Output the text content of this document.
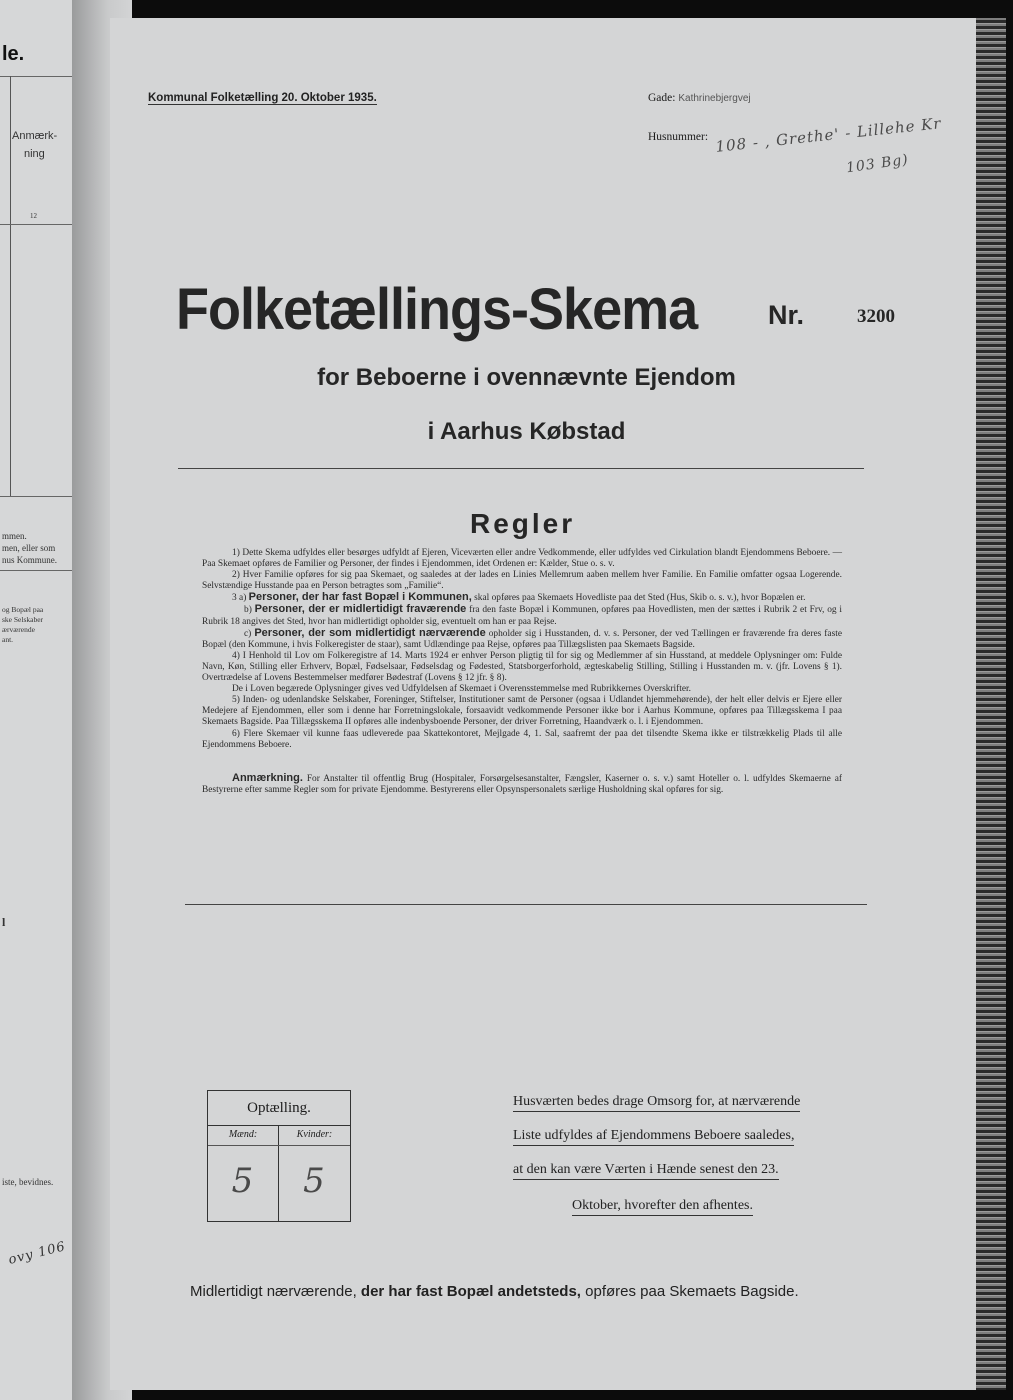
le.
Anmærk-
ning
12
mmen.
men, eller som
nus Kommune.
og Bopæl paa
ske Selskaber
ærværende
ant.
l
iste, bevidnes.
ovy 106
Kommunal Folketælling 20. Oktober 1935.	Gade: Kathrinebjergvej
Husnummer: 108 - , Grethe' - Lillehe Kr
103 Bg)
Folketællings-Skema	Nr.	3200
for Beboerne i ovennævnte Ejendom
i Aarhus Købstad
Regler

1) Dette Skema udfyldes eller besørges udfyldt af Ejeren, Viceværten eller andre Vedkommende, eller udfyldes ved Cirkulation blandt Ejendommens Beboere. — Paa Skemaet opføres de Familier og Personer, der findes i Ejendommen, idet Ordenen er: Kælder, Stue o. s. v.

2) Hver Familie opføres for sig paa Skemaet, og saaledes at der lades en Linies Mellemrum aaben mellem hver Familie. En Familie omfatter ogsaa Logerende. Selvstændige Husstande paa en Person betragtes som „Familie“.

3 a) Personer, der har fast Bopæl i Kommunen, skal opføres paa Skemaets Hovedliste paa det Sted (Hus, Skib o. s. v.), hvor Bopælen er.

b) Personer, der er midlertidigt fraværende fra den faste Bopæl i Kommunen, opføres paa Hovedlisten, men der sættes i Rubrik 2 et Frv, og i Rubrik 18 angives det Sted, hvor han midlertidigt opholder sig, eventuelt om han er paa Rejse.

c) Personer, der som midlertidigt nærværende opholder sig i Husstanden, d. v. s. Personer, der ved Tællingen er fraværende fra deres faste Bopæl (den Kommune, i hvis Folkeregister de staar), samt Udlændinge paa Rejse, opføres paa Tillægslisten paa Skemaets Bagside.

4) I Henhold til Lov om Folkeregistre af 14. Marts 1924 er enhver Person pligtig til for sig og Medlemmer af sin Husstand, at meddele Oplysninger om: Fulde Navn, Køn, Stilling eller Erhverv, Bopæl, Fødselsaar, Fødselsdag og Fødested, Statsborgerforhold, ægteskabelig Stilling, Stilling i Husstanden m. v. (jfr. Lovens § 1). Overtrædelse af Lovens Bestemmelser medfører Bødestraf (Lovens § 12 jfr. § 8).

De i Loven begærede Oplysninger gives ved Udfyldelsen af Skemaet i Overensstemmelse med Rubrikkernes Overskrifter.

5) Inden- og udenlandske Selskaber, Foreninger, Stiftelser, Institutioner samt de Personer (ogsaa i Udlandet hjemmehørende), der helt eller delvis er Ejere eller Medejere af Ejendommen, eller som i denne har Forretningslokale, forsaavidt vedkommende Personer ikke bor i Aarhus Kommune, opføres paa Tillægsskema I paa Skemaets Bagside. Paa Tillægsskema II opføres alle indenbysboende Personer, der driver Forretning, Haandværk o. l. i Ejendommen.

6) Flere Skemaer vil kunne faas udleverede paa Skattekontoret, Mejlgade 4, 1. Sal, saafremt der paa det tilsendte Skema ikke er tilstrækkelig Plads til alle Ejendommens Beboere.

Anmærkning. For Anstalter til offentlig Brug (Hospitaler, Forsørgelsesanstalter, Fængsler, Kaserner o. s. v.) samt Hoteller o. l. udfyldes Skemaerne af Bestyrerne efter samme Regler som for private Ejendomme. Bestyrerens eller Opsynspersonalets særlige Husholdning skal opføres for sig.

Optælling.
Mænd:	Kvinder:
5	5
Husværten bedes drage Omsorg for, at nærværende
Liste udfyldes af Ejendommens Beboere saaledes,
at den kan være Værten i Hænde senest den 23.
Oktober, hvorefter den afhentes.
Midlertidigt nærværende, der har fast Bopæl andetsteds, opføres paa Skemaets Bagside.
